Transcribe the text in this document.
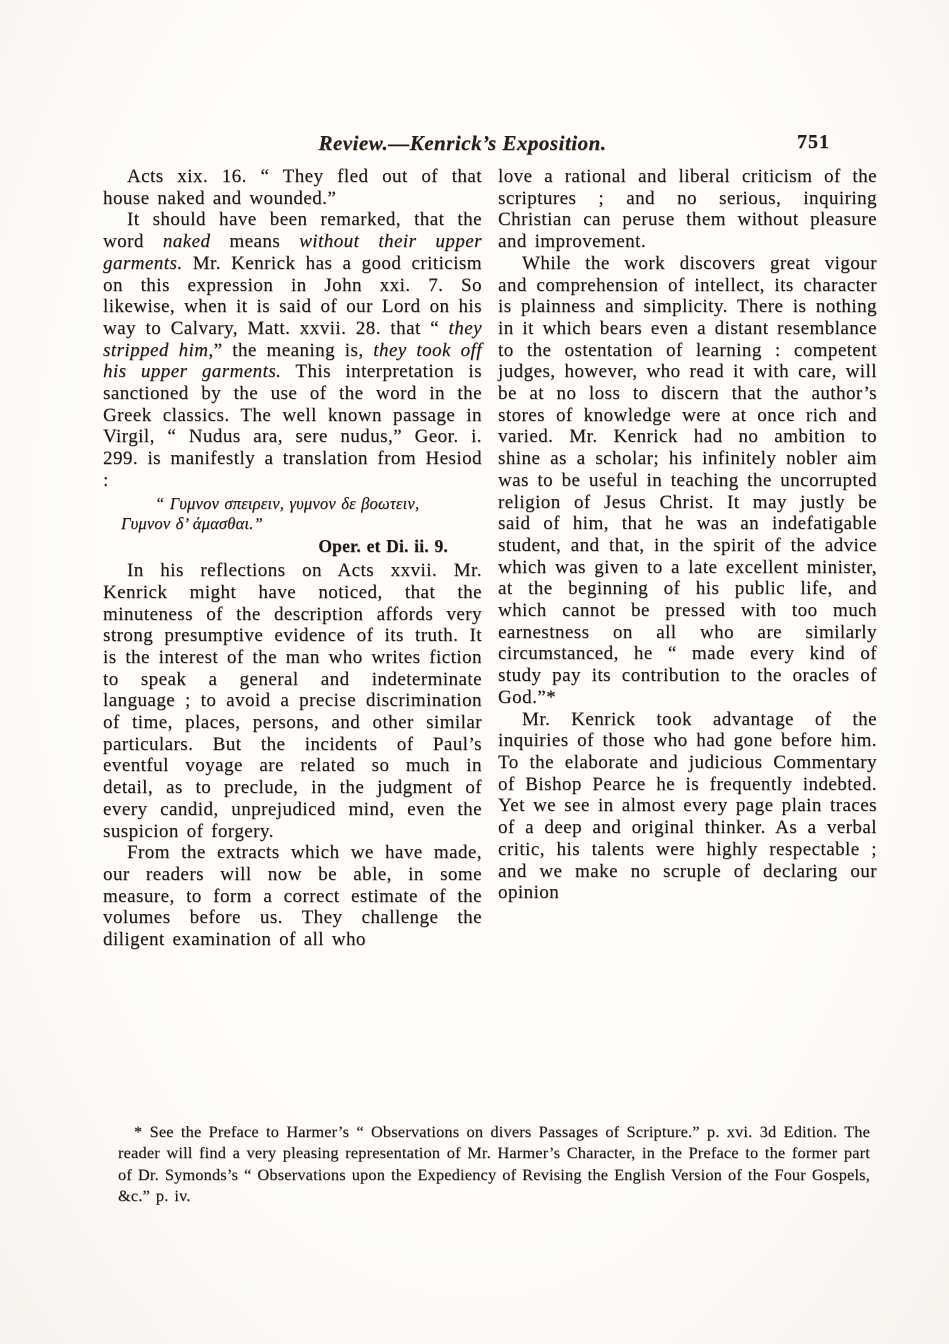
Review.—Kenrick’s Exposition.	751

Acts xix. 16. “ They fled out of that house naked and wounded.”

It should have been remarked, that the word naked means without their upper garments. Mr. Kenrick has a good criticism on this expression in John xxi. 7. So likewise, when it is said of our Lord on his way to Calvary, Matt. xxvii. 28. that “ they stripped him,” the meaning is, they took off his upper garments. This interpretation is sanctioned by the use of the word in the Greek classics. The well known passage in Virgil, “ Nudus ara, sere nudus,” Geor. i. 299. is manifestly a translation from Hesiod :

“ Γυμνον σπειρειν, γυμνον δε βοωτειν,
Γυμνον δ’ άμασθαι.”
Oper. et Di. ii. 9.

In his reflections on Acts xxvii. Mr. Kenrick might have noticed, that the minuteness of the description affords very strong presumptive evidence of its truth. It is the interest of the man who writes fiction to speak a general and indeterminate language ; to avoid a precise discrimination of time, places, persons, and other similar particulars. But the incidents of Paul’s eventful voyage are related so much in detail, as to preclude, in the judgment of every candid, unprejudiced mind, even the suspicion of forgery.

From the extracts which we have made, our readers will now be able, in some measure, to form a correct estimate of the volumes before us. They challenge the diligent examination of all who

love a rational and liberal criticism of the scriptures ; and no serious, inquiring Christian can peruse them without pleasure and improvement.

While the work discovers great vigour and comprehension of intellect, its character is plainness and simplicity. There is nothing in it which bears even a distant resemblance to the ostentation of learning : competent judges, however, who read it with care, will be at no loss to discern that the author’s stores of knowledge were at once rich and varied. Mr. Kenrick had no ambition to shine as a scholar; his infinitely nobler aim was to be useful in teaching the uncorrupted religion of Jesus Christ. It may justly be said of him, that he was an indefatigable student, and that, in the spirit of the advice which was given to a late excellent minister, at the beginning of his public life, and which cannot be pressed with too much earnestness on all who are similarly circumstanced, he “ made every kind of study pay its contribution to the oracles of God.”*

Mr. Kenrick took advantage of the inquiries of those who had gone before him. To the elaborate and judicious Commentary of Bishop Pearce he is frequently indebted. Yet we see in almost every page plain traces of a deep and original thinker. As a verbal critic, his talents were highly respectable ; and we make no scruple of declaring our opinion

* See the Preface to Harmer’s “ Observations on divers Passages of Scripture.” p. xvi. 3d Edition. The reader will find a very pleasing representation of Mr. Harmer’s Character, in the Preface to the former part of Dr. Symonds’s “ Observations upon the Expediency of Revising the English Version of the Four Gospels, &c.” p. iv.
